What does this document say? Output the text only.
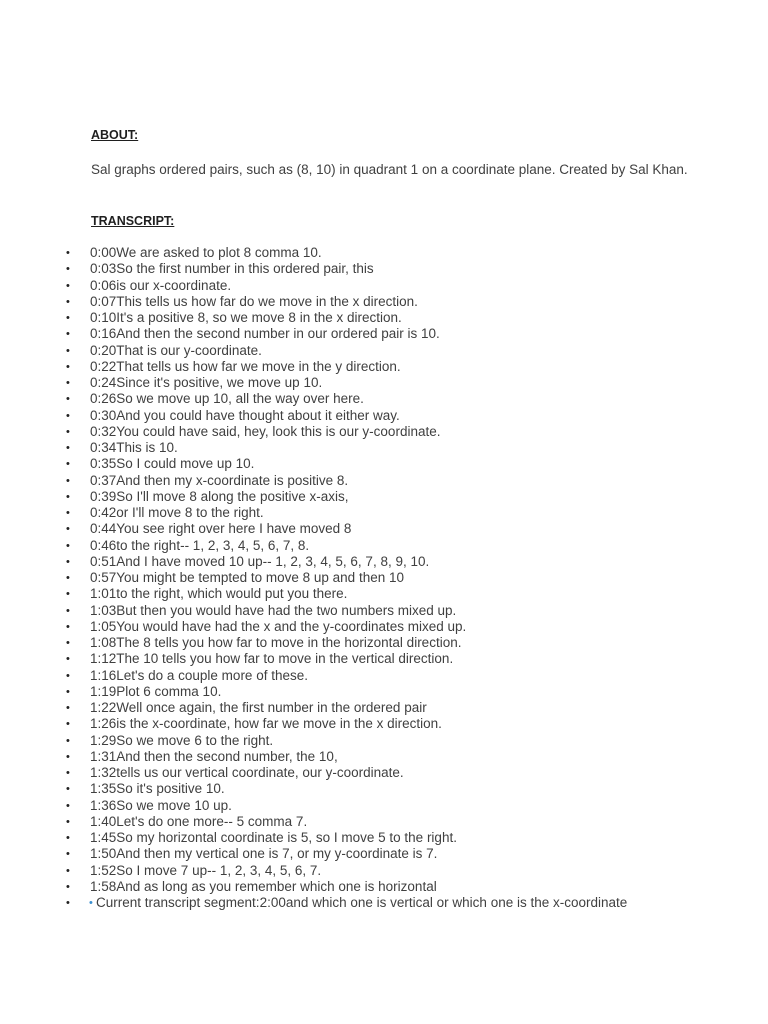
ABOUT:

Sal graphs ordered pairs, such as (8, 10) in quadrant 1 on a coordinate plane. Created by Sal Khan.

TRANSCRIPT:
•	0:00We are asked to plot 8 comma 10.
•	0:03So the first number in this ordered pair, this
•	0:06is our x-coordinate.
•	0:07This tells us how far do we move in the x direction.
•	0:10It's a positive 8, so we move 8 in the x direction.
•	0:16And then the second number in our ordered pair is 10.
•	0:20That is our y-coordinate.
•	0:22That tells us how far we move in the y direction.
•	0:24Since it's positive, we move up 10.
•	0:26So we move up 10, all the way over here.
•	0:30And you could have thought about it either way.
•	0:32You could have said, hey, look this is our y-coordinate.
•	0:34This is 10.
•	0:35So I could move up 10.
•	0:37And then my x-coordinate is positive 8.
•	0:39So I'll move 8 along the positive x-axis,
•	0:42or I'll move 8 to the right.
•	0:44You see right over here I have moved 8
•	0:46to the right-- 1, 2, 3, 4, 5, 6, 7, 8.
•	0:51And I have moved 10 up-- 1, 2, 3, 4, 5, 6, 7, 8, 9, 10.
•	0:57You might be tempted to move 8 up and then 10
•	1:01to the right, which would put you there.
•	1:03But then you would have had the two numbers mixed up.
•	1:05You would have had the x and the y-coordinates mixed up.
•	1:08The 8 tells you how far to move in the horizontal direction.
•	1:12The 10 tells you how far to move in the vertical direction.
•	1:16Let's do a couple more of these.
•	1:19Plot 6 comma 10.
•	1:22Well once again, the first number in the ordered pair
•	1:26is the x-coordinate, how far we move in the x direction.
•	1:29So we move 6 to the right.
•	1:31And then the second number, the 10,
•	1:32tells us our vertical coordinate, our y-coordinate.
•	1:35So it's positive 10.
•	1:36So we move 10 up.
•	1:40Let's do one more-- 5 comma 7.
•	1:45So my horizontal coordinate is 5, so I move 5 to the right.
•	1:50And then my vertical one is 7, or my y-coordinate is 7.
•	1:52So I move 7 up-- 1, 2, 3, 4, 5, 6, 7.
•	1:58And as long as you remember which one is horizontal
•	• Current transcript segment:2:00and which one is vertical or which one is the x-coordinate
